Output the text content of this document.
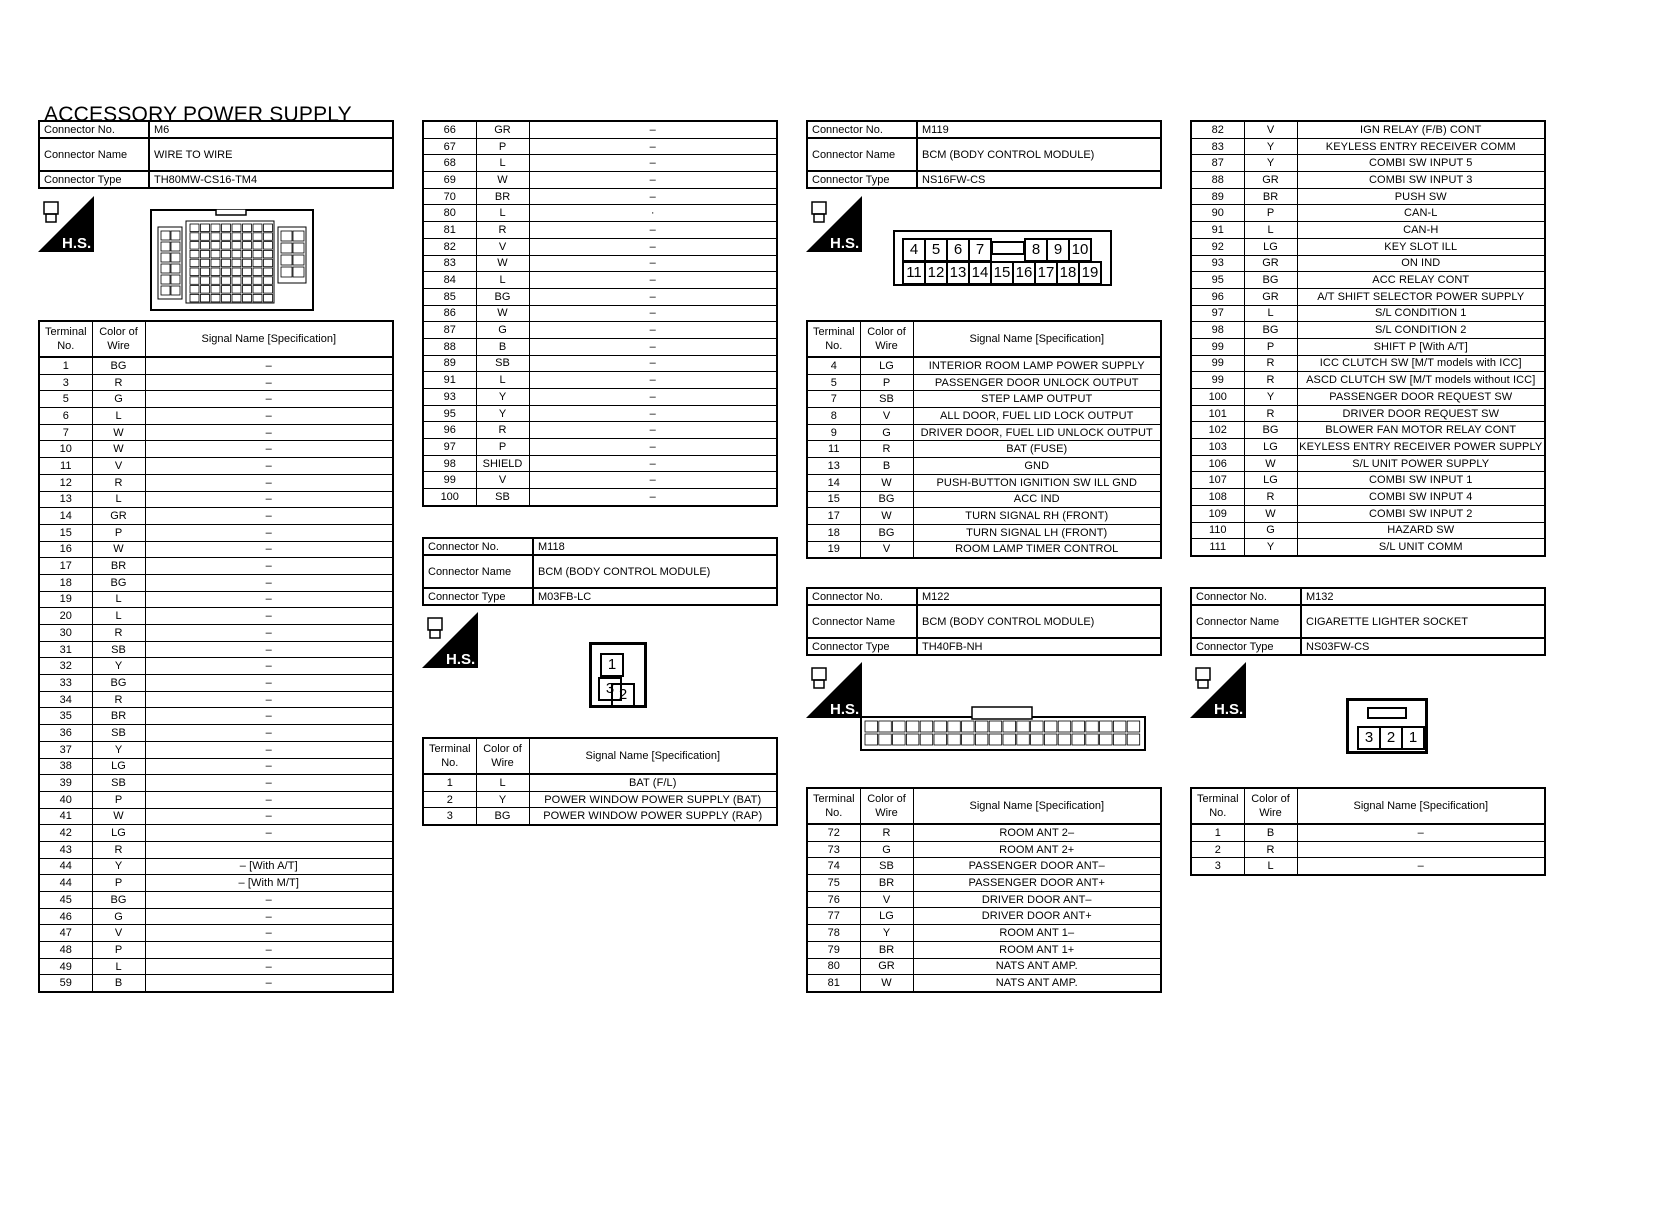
ACCESSORY POWER SUPPLY
Connector No.	M6
Connector Name	WIRE TO WIRE
Connector Type	TH80MW-CS16-TM4
H.S.
Terminal No.	Color of Wire	Signal Name [Specification]
1	BG	–
3	R	–
5	G	–
6	L	–
7	W	–
10	W	–
11	V	–
12	R	–
13	L	–
14	GR	–
15	P	–
16	W	–
17	BR	–
18	BG	–
19	L	–
20	L	–
30	R	–
31	SB	–
32	Y	–
33	BG	–
34	R	–
35	BR	–
36	SB	–
37	Y	–
38	LG	–
39	SB	–
40	P	–
41	W	–
42	LG	–
43	R	
44	Y	– [With A/T]
44	P	– [With M/T]
45	BG	–
46	G	–
47	V	–
48	P	–
49	L	–
59	B	–
66	GR	–
67	P	–
68	L	–
69	W	–
70	BR	–
80	L	·
81	R	–
82	V	–
83	W	–
84	L	–
85	BG	–
86	W	–
87	G	–
88	B	–
89	SB	–
91	L	–
93	Y	–
95	Y	–
96	R	–
97	P	–
98	SHIELD	–
99	V	–
100	SB	–
Connector No.	M118
Connector Name	BCM (BODY CONTROL MODULE)
Connector Type	M03FB-LC
H.S.	13 2
Terminal No.	Color of Wire	Signal Name [Specification]
1	L	BAT (F/L)
2	Y	POWER WINDOW POWER SUPPLY (BAT)
3	BG	POWER WINDOW POWER SUPPLY (RAP)
Connector No.	M119
Connector Name	BCM (BODY CONTROL MODULE)
Connector Type	NS16FW-CS
H.S.	4 5 6 7	8 9 10
11 12 13 14 15 16 17 18 19
Terminal No.	Color of Wire	Signal Name [Specification]
4	LG	INTERIOR ROOM LAMP POWER SUPPLY
5	P	PASSENGER DOOR UNLOCK OUTPUT
7	SB	STEP LAMP OUTPUT
8	V	ALL DOOR, FUEL LID LOCK OUTPUT
9	G	DRIVER DOOR, FUEL LID UNLOCK OUTPUT
11	R	BAT (FUSE)
13	B	GND
14	W	PUSH-BUTTON IGNITION SW ILL GND
15	BG	ACC IND
17	W	TURN SIGNAL RH (FRONT)
18	BG	TURN SIGNAL LH (FRONT)
19	V	ROOM LAMP TIMER CONTROL
Connector No.	M122
Connector Name	BCM (BODY CONTROL MODULE)
Connector Type	TH40FB-NH
H.S.
Terminal No.	Color of Wire	Signal Name [Specification]
72	R	ROOM ANT 2–
73	G	ROOM ANT 2+
74	SB	PASSENGER DOOR ANT–
75	BR	PASSENGER DOOR ANT+
76	V	DRIVER DOOR ANT–
77	LG	DRIVER DOOR ANT+
78	Y	ROOM ANT 1–
79	BR	ROOM ANT 1+
80	GR	NATS ANT AMP.
81	W	NATS ANT AMP.
82	V	IGN RELAY (F/B) CONT
83	Y	KEYLESS ENTRY RECEIVER COMM
87	Y	COMBI SW INPUT 5
88	GR	COMBI SW INPUT 3
89	BR	PUSH SW
90	P	CAN-L
91	L	CAN-H
92	LG	KEY SLOT ILL
93	GR	ON IND
95	BG	ACC RELAY CONT
96	GR	A/T SHIFT SELECTOR POWER SUPPLY
97	L	S/L CONDITION 1
98	BG	S/L CONDITION 2
99	P	SHIFT P [With A/T]
99	R	ICC CLUTCH SW [M/T models with ICC]
99	R	ASCD CLUTCH SW [M/T models without ICC]
100	Y	PASSENGER DOOR REQUEST SW
101	R	DRIVER DOOR REQUEST SW
102	BG	BLOWER FAN MOTOR RELAY CONT
103	LG	KEYLESS ENTRY RECEIVER POWER SUPPLY
106	W	S/L UNIT POWER SUPPLY
107	LG	COMBI SW INPUT 1
108	R	COMBI SW INPUT 4
109	W	COMBI SW INPUT 2
110	G	HAZARD SW
111	Y	S/L UNIT COMM
Connector No.	M132
Connector Name	CIGARETTE LIGHTER SOCKET
Connector Type	NS03FW-CS
H.S.
3 2 1
Terminal No.	Color of Wire	Signal Name [Specification]
1	B	–
2	R	
3	L	–
